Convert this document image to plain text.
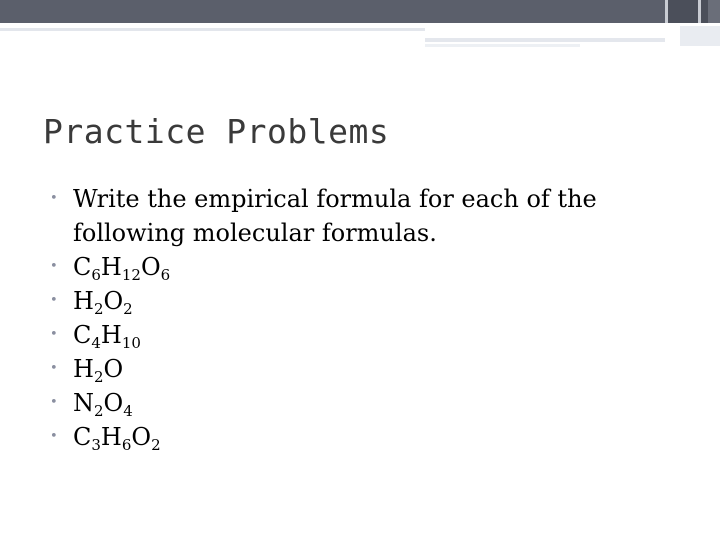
Practice Problems
• Write the empirical formula for each of the following molecular formulas.
• $C_6H_{12}O_6$
• $H_2O_2$
• $C_4H_{10}$
• $H_2O$
• $N_2O_4$
• $C_3H_6O_2$
